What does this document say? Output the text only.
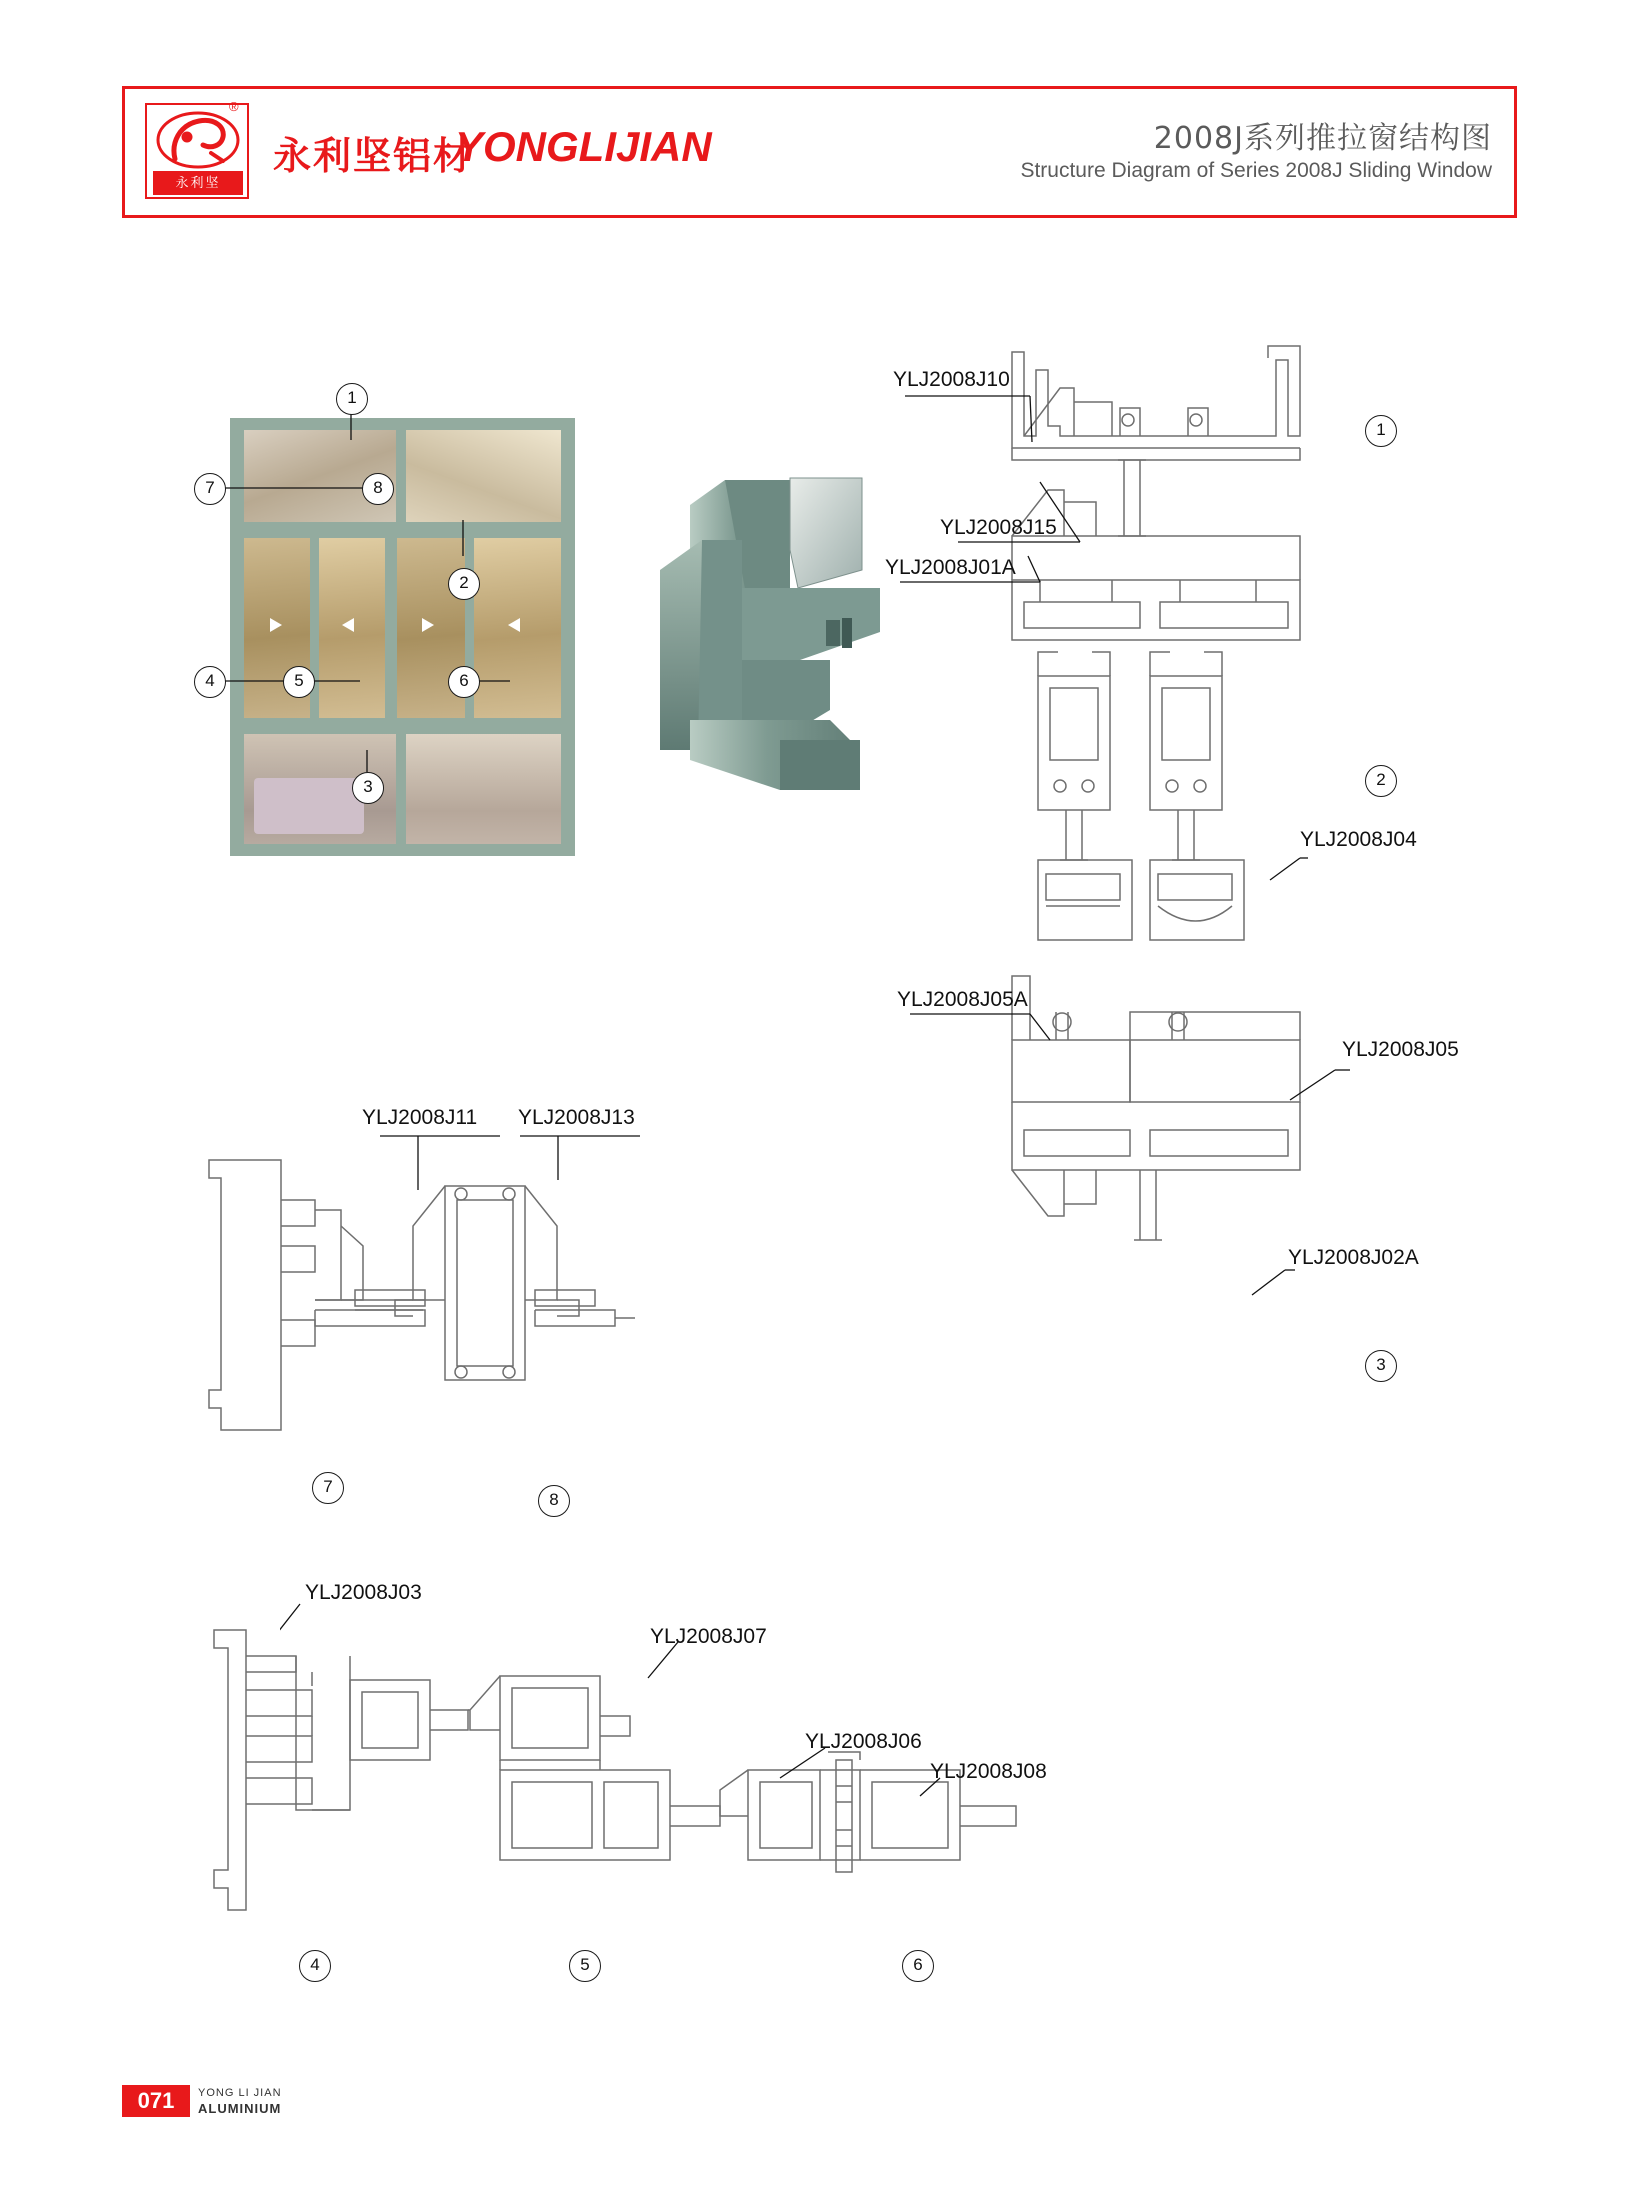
永利坚
®
永利坚铝材
YONGLIJIAN	2008J系列推拉窗结构图
Structure Diagram of Series 2008J Sliding Window
1
7	8
2
4	5	6
3
YLJ2008J10
YLJ2008J15
YLJ2008J01A
YLJ2008J04
YLJ2008J05A
YLJ2008J05
YLJ2008J02A
1
2
3
YLJ2008J11 YLJ2008J13
7
8
YLJ2008J03
YLJ2008J07
YLJ2008J06
YLJ2008J08
4	5	6
071	YONG LI JIAN
ALUMINIUM
